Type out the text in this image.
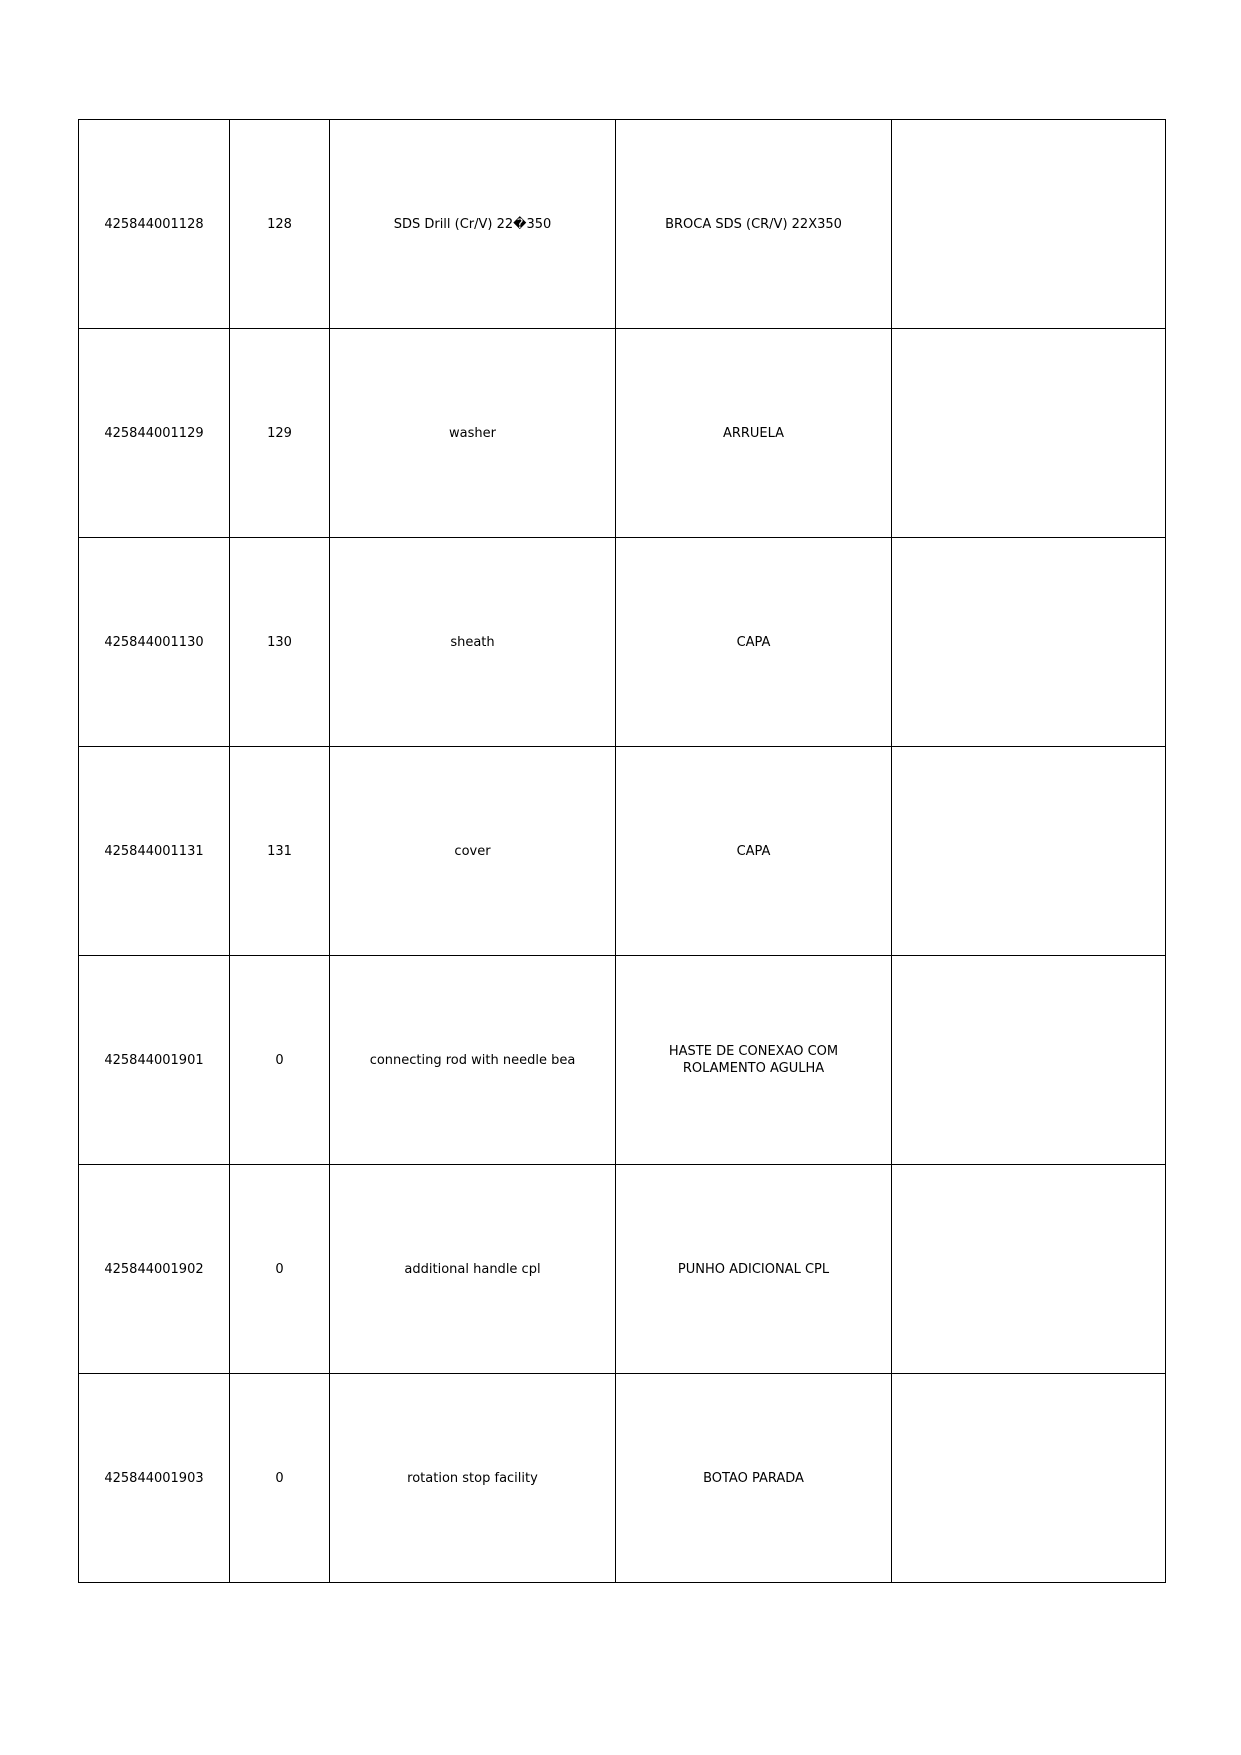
425844001128	128	SDS Drill (Cr/V) 22�350	BROCA SDS (CR/V) 22X350	
425844001129	129	washer	ARRUELA	
425844001130	130	sheath	CAPA	
425844001131	131	cover	CAPA	
425844001901	0	connecting rod with needle bea	HASTE DE CONEXAO COM ROLAMENTO AGULHA	
425844001902	0	additional handle cpl	PUNHO ADICIONAL CPL	
425844001903	0	rotation stop facility	BOTAO PARADA	
